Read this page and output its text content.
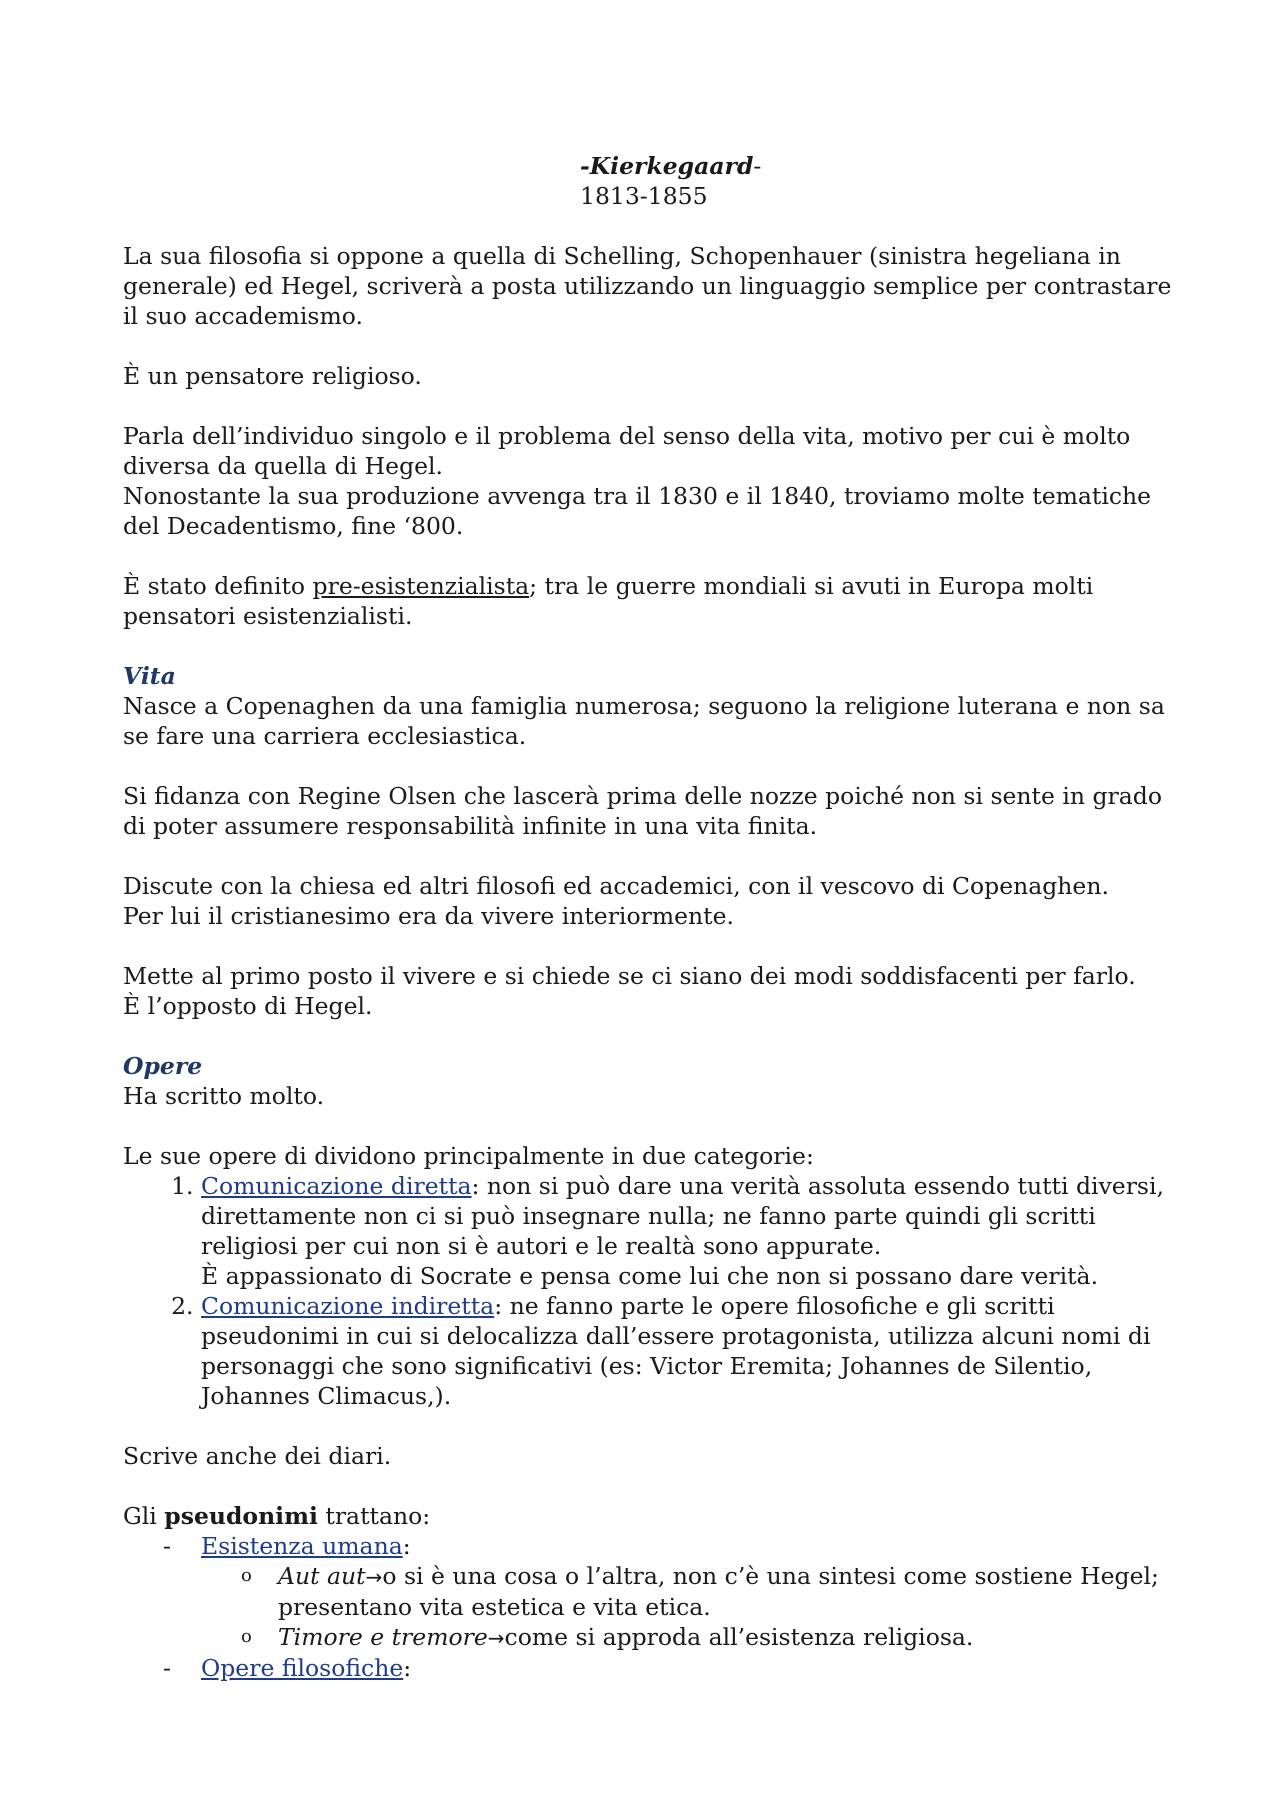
-Kierkegaard-
1813-1855

La sua filosofia si oppone a quella di Schelling, Schopenhauer (sinistra hegeliana in generale) ed Hegel, scriverà a posta utilizzando un linguaggio semplice per contrastare il suo accademismo.

È un pensatore religioso.

Parla dell’individuo singolo e il problema del senso della vita, motivo per cui è molto diversa da quella di Hegel.

Nonostante la sua produzione avvenga tra il 1830 e il 1840, troviamo molte tematiche del Decadentismo, fine ‘800.

È stato definito pre-esistenzialista; tra le guerre mondiali si avuti in Europa molti pensatori esistenzialisti.

Vita

Nasce a Copenaghen da una famiglia numerosa; seguono la religione luterana e non sa se fare una carriera ecclesiastica.

Si fidanza con Regine Olsen che lascerà prima delle nozze poiché non si sente in grado di poter assumere responsabilità infinite in una vita finita.

Discute con la chiesa ed altri filosofi ed accademici, con il vescovo di Copenaghen.

Per lui il cristianesimo era da vivere interiormente.

Mette al primo posto il vivere e si chiede se ci siano dei modi soddisfacenti per farlo.

È l’opposto di Hegel.

Opere

Ha scritto molto.

Le sue opere di dividono principalmente in due categorie:

1. Comunicazione diretta: non si può dare una verità assoluta essendo tutti diversi, direttamente non ci si può insegnare nulla; ne fanno parte quindi gli scritti religiosi per cui non si è autori e le realtà sono appurate.
È appassionato di Socrate e pensa come lui che non si possano dare verità.
2. Comunicazione indiretta: ne fanno parte le opere filosofiche e gli scritti pseudonimi in cui si delocalizza dall’essere protagonista, utilizza alcuni nomi di personaggi che sono significativi (es: Victor Eremita; Johannes de Silentio, Johannes Climacus,).

Scrive anche dei diari.

Gli pseudonimi trattano:

- Esistenza umana:
o Aut aut→o si è una cosa o l’altra, non c’è una sintesi come sostiene Hegel; presentano vita estetica e vita etica.
o Timore e tremore→come si approda all’esistenza religiosa.
- Opere filosofiche:
